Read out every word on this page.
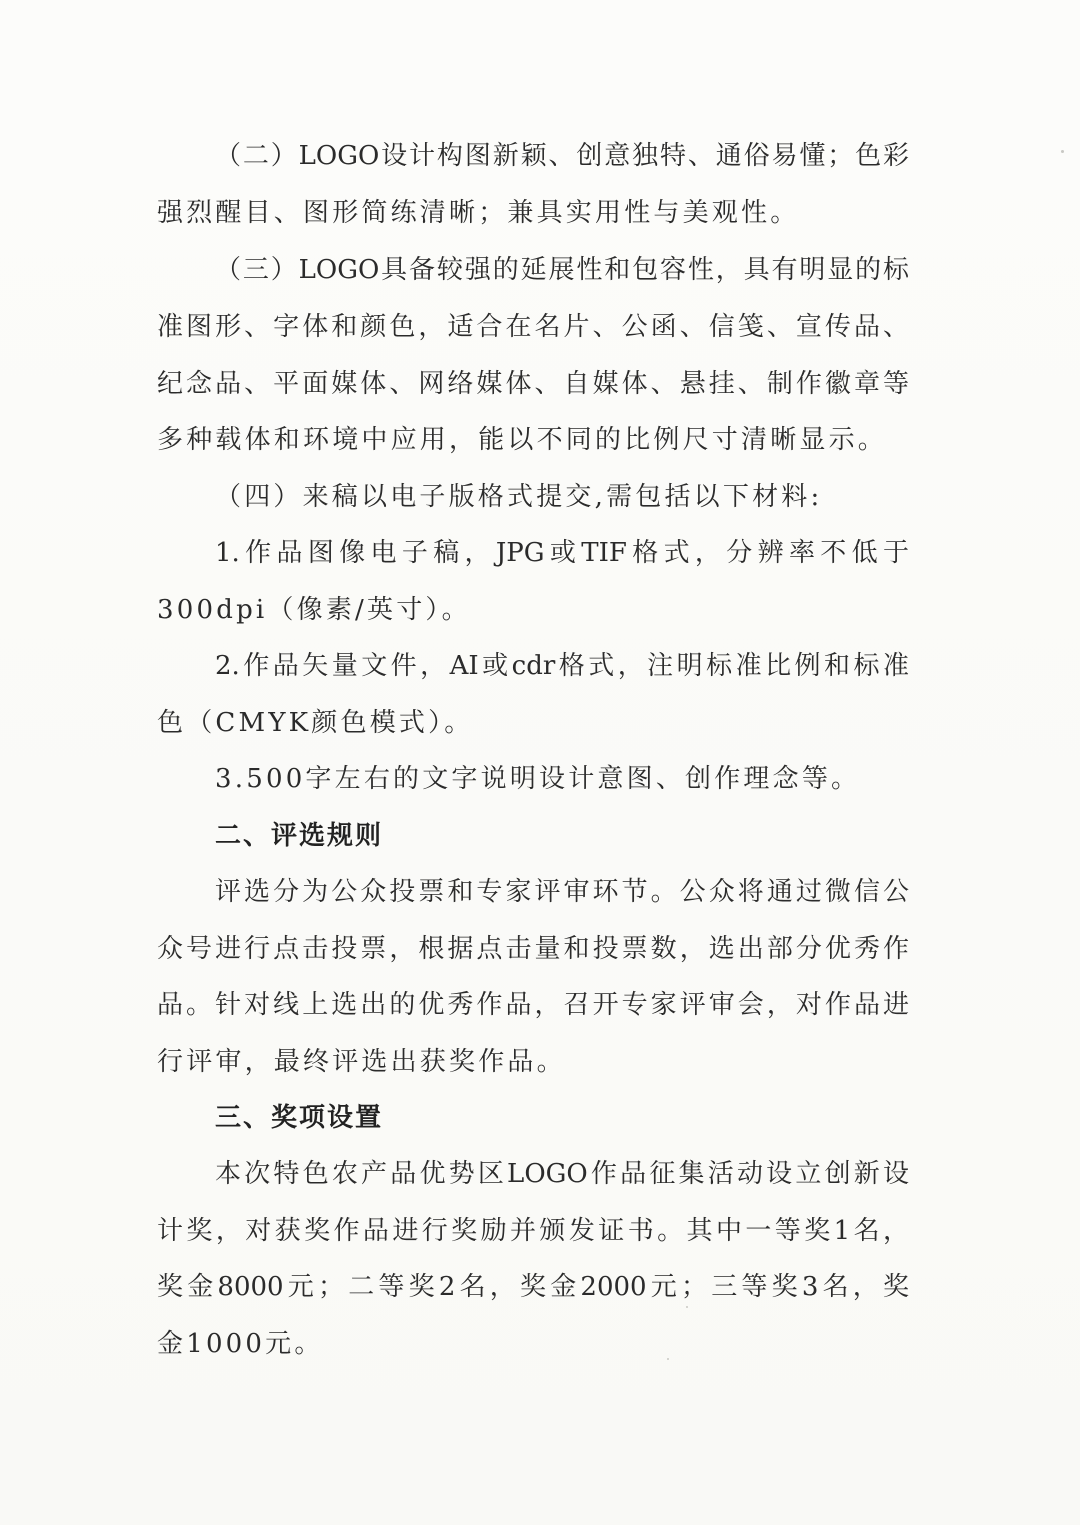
（二）LOGO设计构图新颖、创意独特、通俗易懂；色彩

强烈醒目、图形简练清晰；兼具实用性与美观性。

（三）LOGO具备较强的延展性和包容性，具有明显的标

准图形、字体和颜色，适合在名片、公函、信笺、宣传品、

纪念品、平面媒体、网络媒体、自媒体、悬挂、制作徽章等

多种载体和环境中应用，能以不同的比例尺寸清晰显示。

（四）来稿以电子版格式提交,需包括以下材料:

1.作品图像电子稿，JPG或TIF格式，分辨率不低于

300dpi（像素/英寸）。

2.作品矢量文件，AI或cdr格式，注明标准比例和标准

色（CMYK颜色模式）。

3.500字左右的文字说明设计意图、创作理念等。

二、评选规则

评选分为公众投票和专家评审环节。公众将通过微信公

众号进行点击投票，根据点击量和投票数，选出部分优秀作

品。针对线上选出的优秀作品，召开专家评审会，对作品进

行评审，最终评选出获奖作品。

三、奖项设置

本次特色农产品优势区LOGO作品征集活动设立创新设

计奖，对获奖作品进行奖励并颁发证书。其中一等奖1名，

奖金8000元；二等奖2名，奖金2000元；三等奖3名，奖

金1000元。
